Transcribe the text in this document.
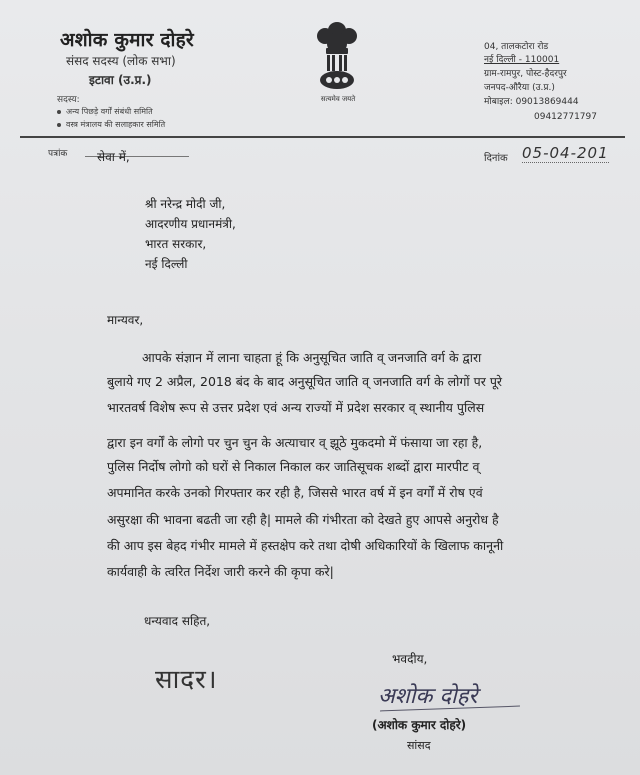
अशोक कुमार दोहरे
संसद सदस्य (लोक सभा)
इटावा (उ.प्र.)
सदस्य:
अन्य पिछड़े वर्गों संबंधी समिति
वस्त्र मंत्रालय की सलाहकार समिति
सत्यमेव जयते
04, तालकटोरा रोड
नई दिल्ली - 110001
ग्राम-रामपुर, पोस्ट-हैदरपुर
जनपद-औरैया (उ.प्र.)
मोबाइल: 09013869444
09412771797
पत्रांक सेवा में,	दिनांक 05-04-201
श्री नरेन्द्र मोदी जी,
आदरणीय प्रधानमंत्री,
भारत सरकार,
नई दिल्ली
मान्यवर,
आपके संज्ञान में लाना चाहता हूं कि अनुसूचित जाति व् जनजाति वर्ग के द्वारा
बुलाये गए 2 अप्रैल, 2018 बंद के बाद अनुसूचित जाति व् जनजाति वर्ग के लोगों पर पूरे
भारतवर्ष विशेष रूप से उत्तर प्रदेश एवं अन्य राज्यों में प्रदेश सरकार व् स्थानीय पुलिस
द्वारा इन वर्गों के लोगो पर चुन चुन के अत्याचार व् झूठे मुकदमो में फंसाया जा रहा है,
पुलिस निर्दोष लोगो को घरों से निकाल निकाल कर जातिसूचक शब्दों द्वारा मारपीट व्
अपमानित करके उनको गिरफ्तार कर रही है, जिससे भारत वर्ष में इन वर्गों में रोष एवं
असुरक्षा की भावना बढती जा रही है| मामले की गंभीरता को देखते हुए आपसे अनुरोध है
की आप इस बेहद गंभीर मामले में हस्तक्षेप करे तथा दोषी अधिकारियों के खिलाफ कानूनी
कार्यवाही के त्वरित निर्देश जारी करने की कृपा करे|
धन्यवाद सहित,
सादर।
भवदीय,
अशोक दोहरे
(अशोक कुमार दोहरे)
सांसद
